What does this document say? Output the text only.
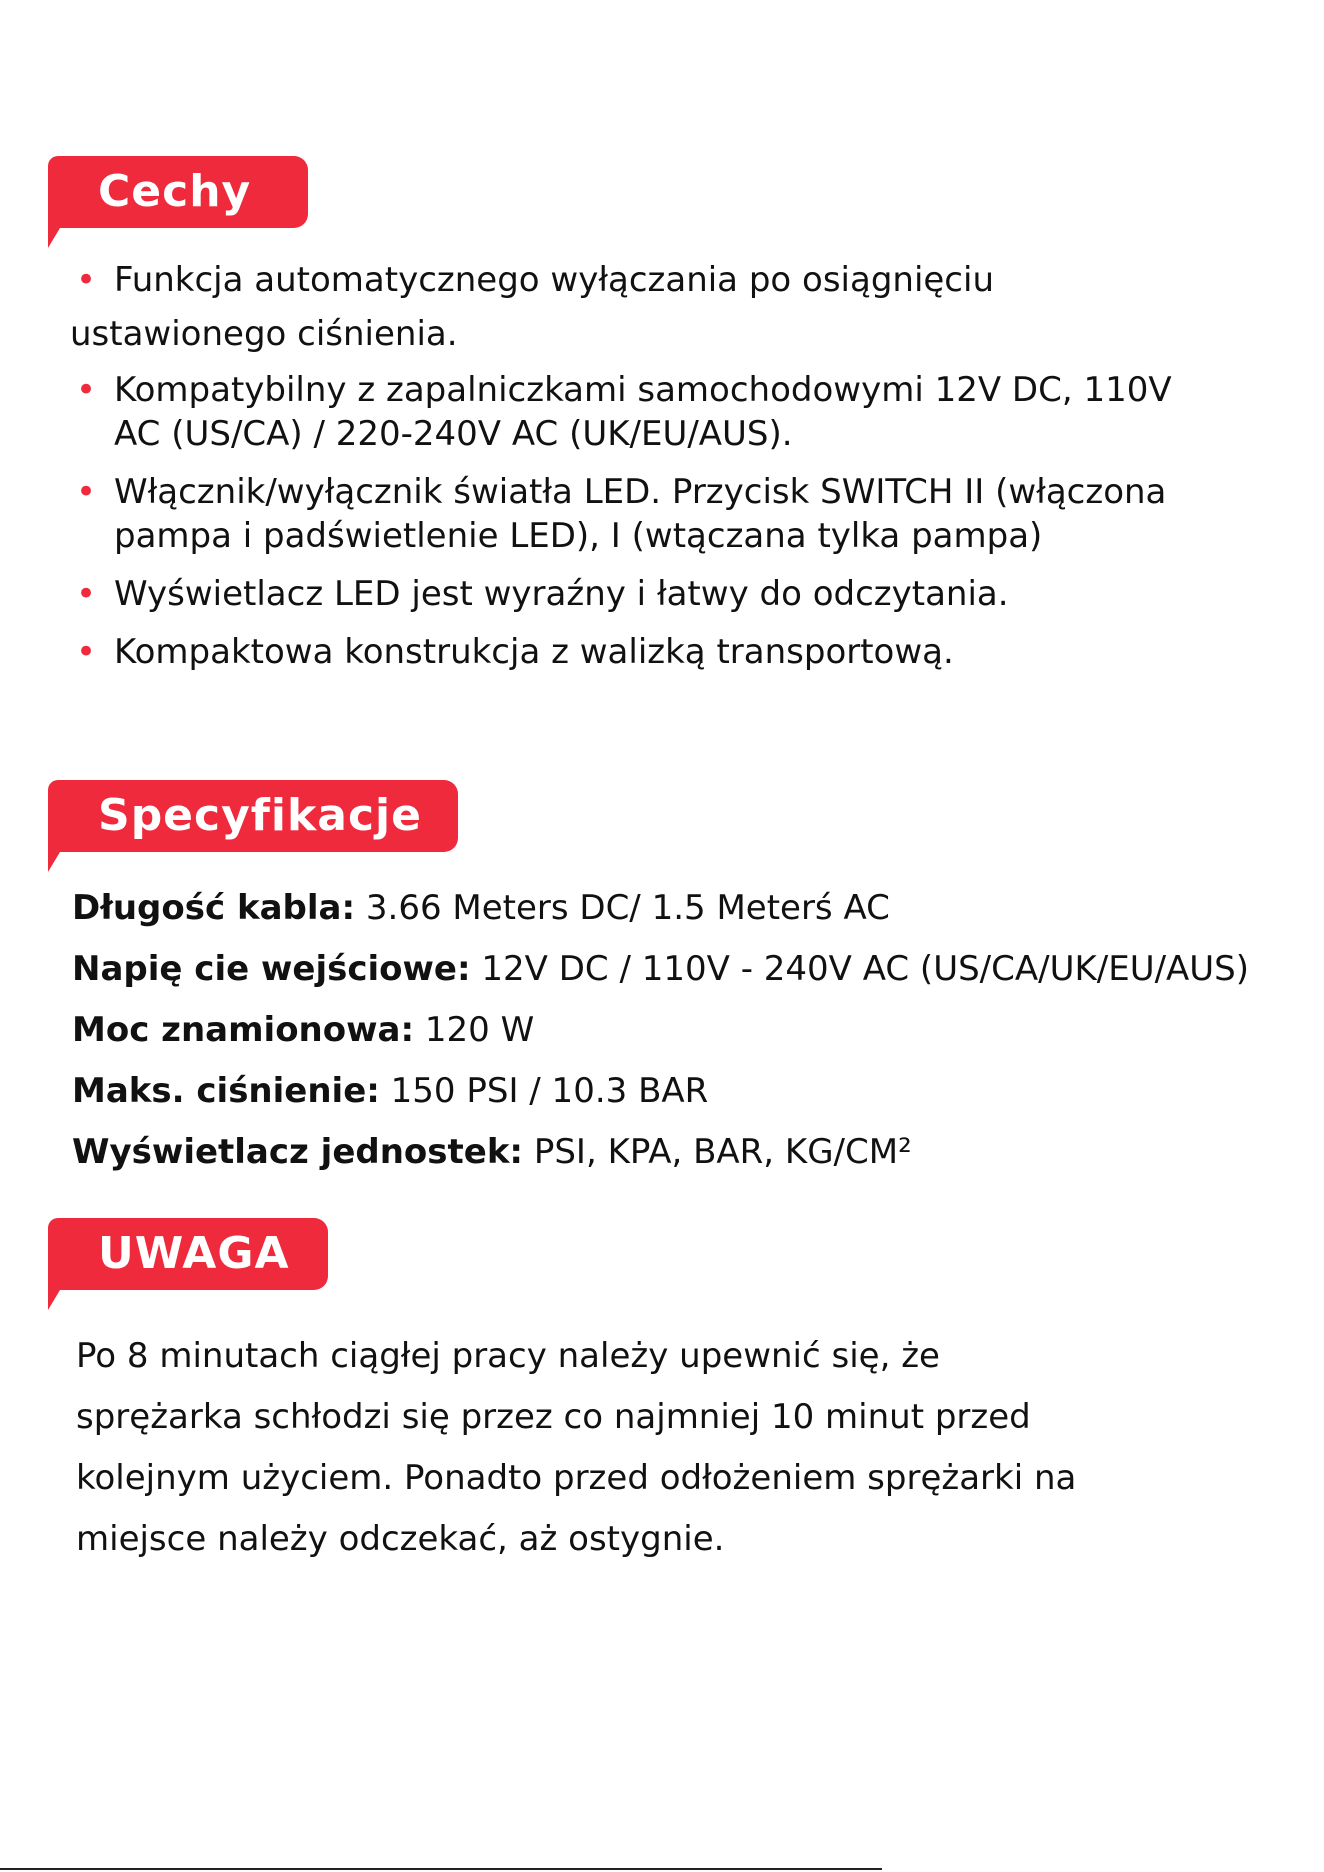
Cechy
• Funkcja automatycznego wyłączania po osiągnięciu
ustawionego ciśnienia.
• Kompatybilny z zapalniczkami samochodowymi 12V DC, 110V
AC (US/CA) / 220-240V AC (UK/EU/AUS).
• Włącznik/wyłącznik światła LED. Przycisk SWITCH II (włączona
pampa i padświetlenie LED), I (wtączana tylka pampa)
• Wyświetlacz LED jest wyraźny i łatwy do odczytania.
• Kompaktowa konstrukcja z walizką transportową.
Specyfikacje
Długość kabla: 3.66 Meters DC/ 1.5 Meterś AC
Napię cie wejściowe: 12V DC / 110V - 240V AC (US/CA/UK/EU/AUS)
Moc znamionowa: 120 W
Maks. ciśnienie: 150 PSI / 10.3 BAR
Wyświetlacz jednostek: PSI, KPA, BAR, KG/CM²
UWAGA
Po 8 minutach ciągłej pracy należy upewnić się, że
sprężarka schłodzi się przez co najmniej 10 minut przed
kolejnym użyciem. Ponadto przed odłożeniem sprężarki na
miejsce należy odczekać, aż ostygnie.
